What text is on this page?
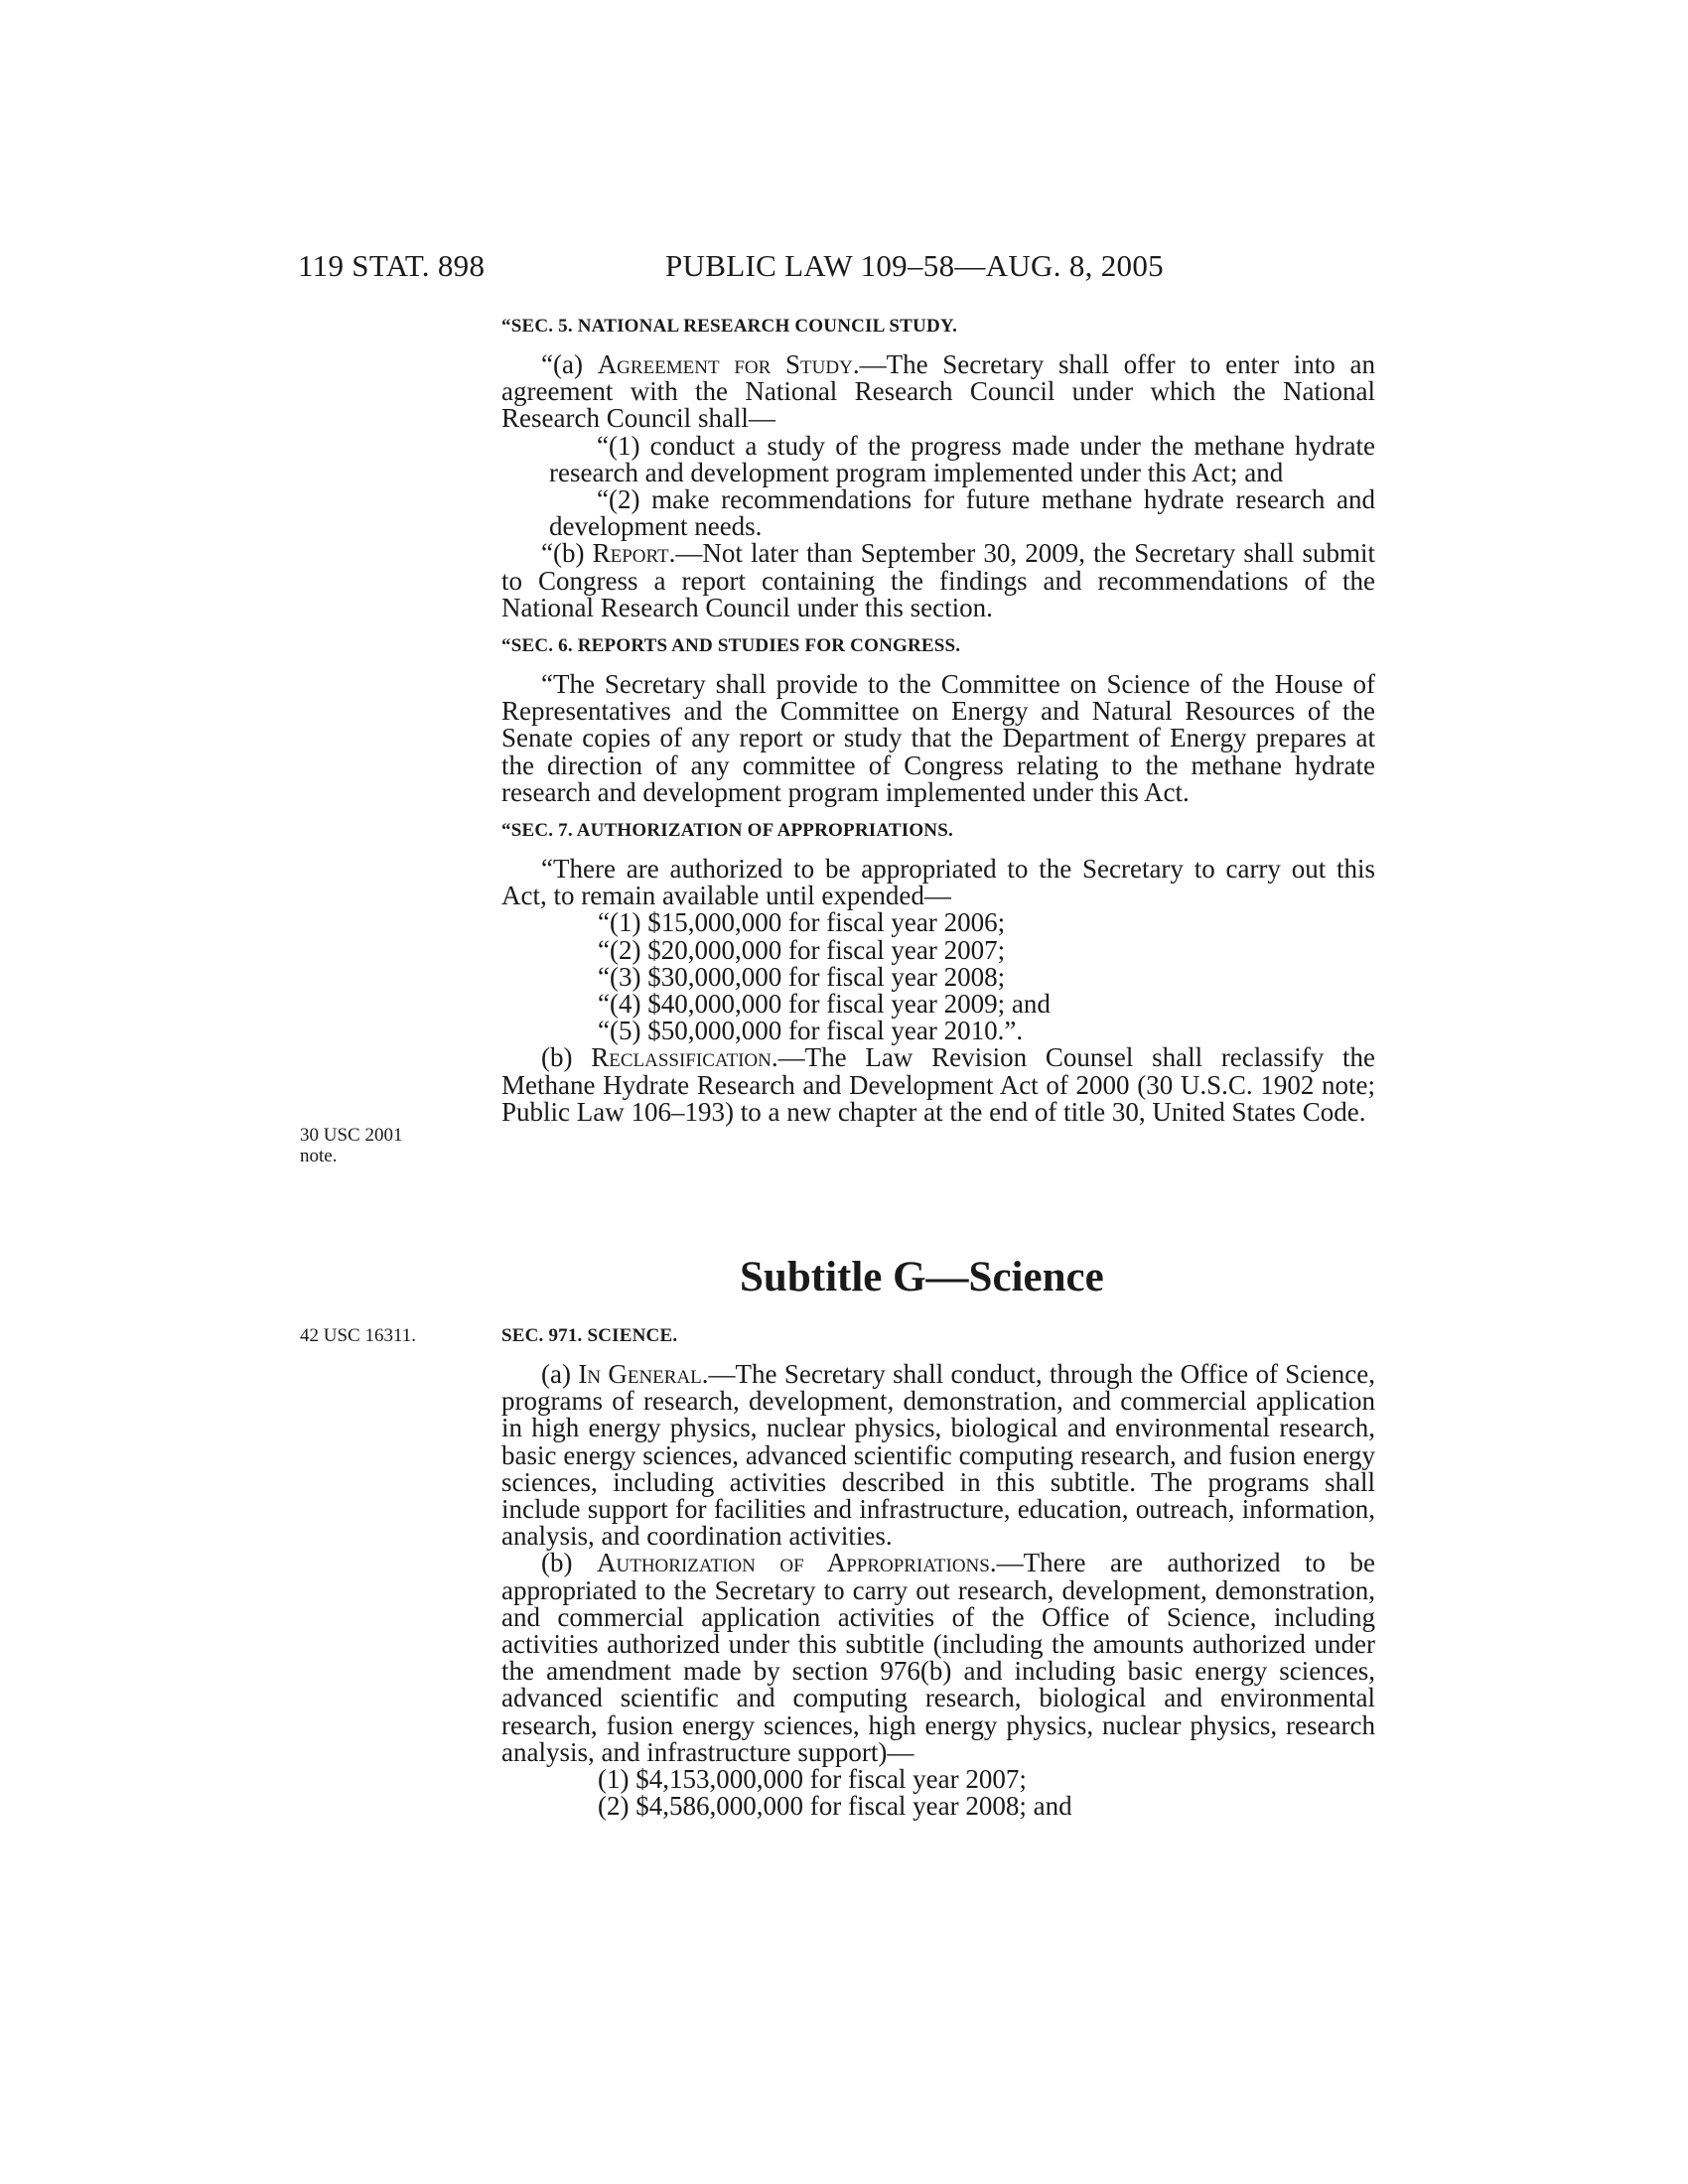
119 STAT. 898	PUBLIC LAW 109–58—AUG. 8, 2005
“SEC. 5. NATIONAL RESEARCH COUNCIL STUDY.

“(a) Agreement for Study.—The Secretary shall offer to enter into an agreement with the National Research Council under which the National Research Council shall—

“(1) conduct a study of the progress made under the methane hydrate research and development program implemented under this Act; and

“(2) make recommendations for future methane hydrate research and development needs.

“(b) Report.—Not later than September 30, 2009, the Secretary shall submit to Congress a report containing the findings and recommendations of the National Research Council under this section.

“SEC. 6. REPORTS AND STUDIES FOR CONGRESS.

“The Secretary shall provide to the Committee on Science of the House of Representatives and the Committee on Energy and Natural Resources of the Senate copies of any report or study that the Department of Energy prepares at the direction of any committee of Congress relating to the methane hydrate research and development program implemented under this Act.

“SEC. 7. AUTHORIZATION OF APPROPRIATIONS.

“There are authorized to be appropriated to the Secretary to carry out this Act, to remain available until expended—

“(1) $15,000,000 for fiscal year 2006;

“(2) $20,000,000 for fiscal year 2007;

“(3) $30,000,000 for fiscal year 2008;

“(4) $40,000,000 for fiscal year 2009; and

“(5) $50,000,000 for fiscal year 2010.”.

(b) Reclassification.—The Law Revision Counsel shall reclassify the Methane Hydrate Research and Development Act of 2000 (30 U.S.C. 1902 note; Public Law 106–193) to a new chapter at the end of title 30, United States Code.

30 USC 2001
note.
Subtitle G—Science
42 USC 16311.	SEC. 971. SCIENCE.

(a) In General.—The Secretary shall conduct, through the Office of Science, programs of research, development, demonstration, and commercial application in high energy physics, nuclear physics, biological and environmental research, basic energy sciences, advanced scientific computing research, and fusion energy sciences, including activities described in this subtitle. The programs shall include support for facilities and infrastructure, education, outreach, information, analysis, and coordination activities.

(b) Authorization of Appropriations.—There are authorized to be appropriated to the Secretary to carry out research, development, demonstration, and commercial application activities of the Office of Science, including activities authorized under this subtitle (including the amounts authorized under the amendment made by section 976(b) and including basic energy sciences, advanced scientific and computing research, biological and environmental research, fusion energy sciences, high energy physics, nuclear physics, research analysis, and infrastructure support)—

(1) $4,153,000,000 for fiscal year 2007;

(2) $4,586,000,000 for fiscal year 2008; and
